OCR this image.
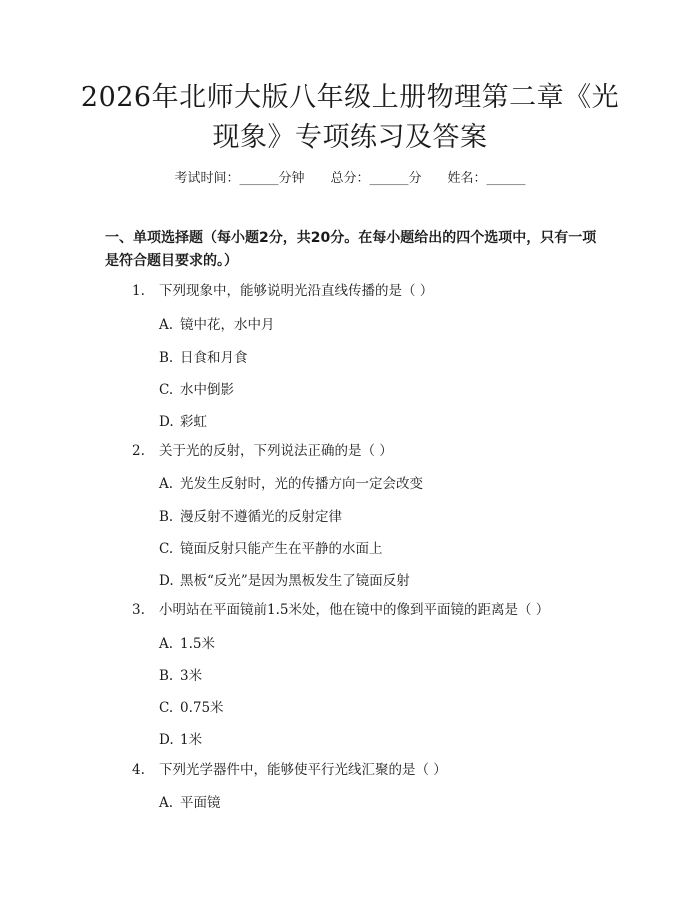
2026年北师大版八年级上册物理第二章《光
现象》专项练习及答案
考试时间：______分钟 总分：______分 姓名：______

一、单项选择题（每小题2分，共20分。在每小题给出的四个选项中，只有一项是符合题目要求的。）

1. 下列现象中，能够说明光沿直线传播的是（ ）
A. 镜中花，水中月
B. 日食和月食
C. 水中倒影
D. 彩虹
2. 关于光的反射，下列说法正确的是（ ）
A. 光发生反射时，光的传播方向一定会改变
B. 漫反射不遵循光的反射定律
C. 镜面反射只能产生在平静的水面上
D. 黑板“反光”是因为黑板发生了镜面反射
3. 小明站在平面镜前1.5米处，他在镜中的像到平面镜的距离是（ ）
A. 1.5米
B. 3米
C. 0.75米
D. 1米
4. 下列光学器件中，能够使平行光线汇聚的是（ ）
A. 平面镜
